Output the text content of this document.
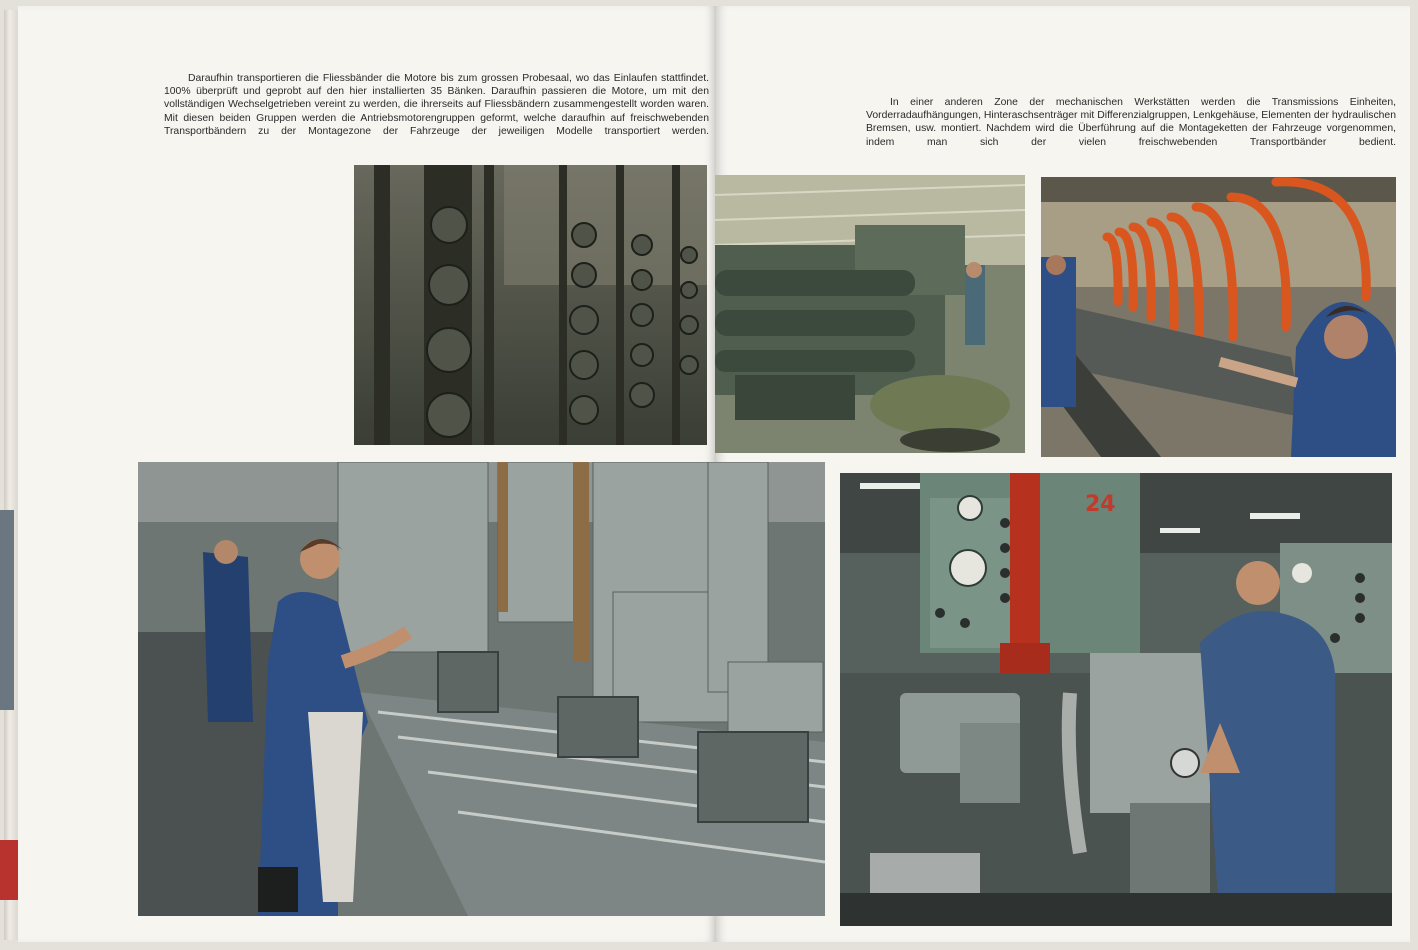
Daraufhin transportieren die Fliessbänder die Motore bis zum grossen Probesaal, wo das Einlaufen stattfindet. 100% überprüft und geprobt auf den hier installierten 35 Bänken. Daraufhin passieren die Motore, um mit den vollständigen Wechselgetrieben vereint zu werden, die ihrerseits auf Fliessbändern zusammengestellt worden waren. Mit diesen beiden Gruppen werden die Antriebsmotorengruppen geformt, welche daraufhin auf freischwebenden Transportbändern zu der Montagezone der Fahrzeuge der jeweiligen Modelle transportiert werden.

In einer anderen Zone der mechanischen Werkstätten werden die Transmissions Einheiten, Vorderradaufhängungen, Hinteraschsenträger mit Differenzialgruppen, Lenkgehäuse, Elementen der hydraulischen Bremsen, usw. montiert. Nachdem wird die Überführung auf die Montageketten der Fahrzeuge vorgenommen, indem man sich der vielen freischwebenden Transportbänder bedient.

24
